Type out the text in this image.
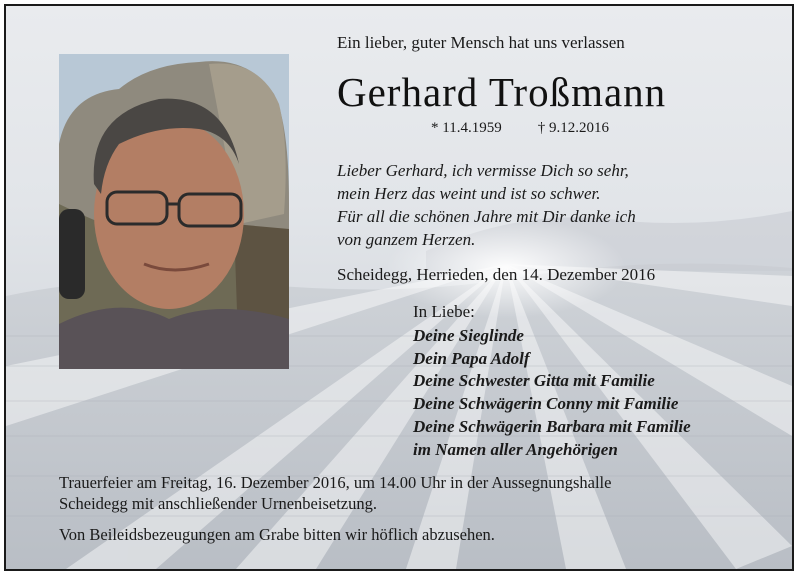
Ein lieber, guter Mensch hat uns verlassen
Gerhard Troßmann
* 11.4.1959 † 9.12.2016
Lieber Gerhard, ich vermisse Dich so sehr,
mein Herz das weint und ist so schwer.
Für all die schönen Jahre mit Dir danke ich
von ganzem Herzen.
Scheidegg, Herrieden, den 14. Dezember 2016
In Liebe:
Deine Sieglinde
Dein Papa Adolf
Deine Schwester Gitta mit Familie
Deine Schwägerin Conny mit Familie
Deine Schwägerin Barbara mit Familie
im Namen aller Angehörigen
Trauerfeier am Freitag, 16. Dezember 2016, um 14.00 Uhr in der Aussegnungshalle
Scheidegg mit anschließender Urnenbeisetzung.
Von Beileidsbezeugungen am Grabe bitten wir höflich abzusehen.
